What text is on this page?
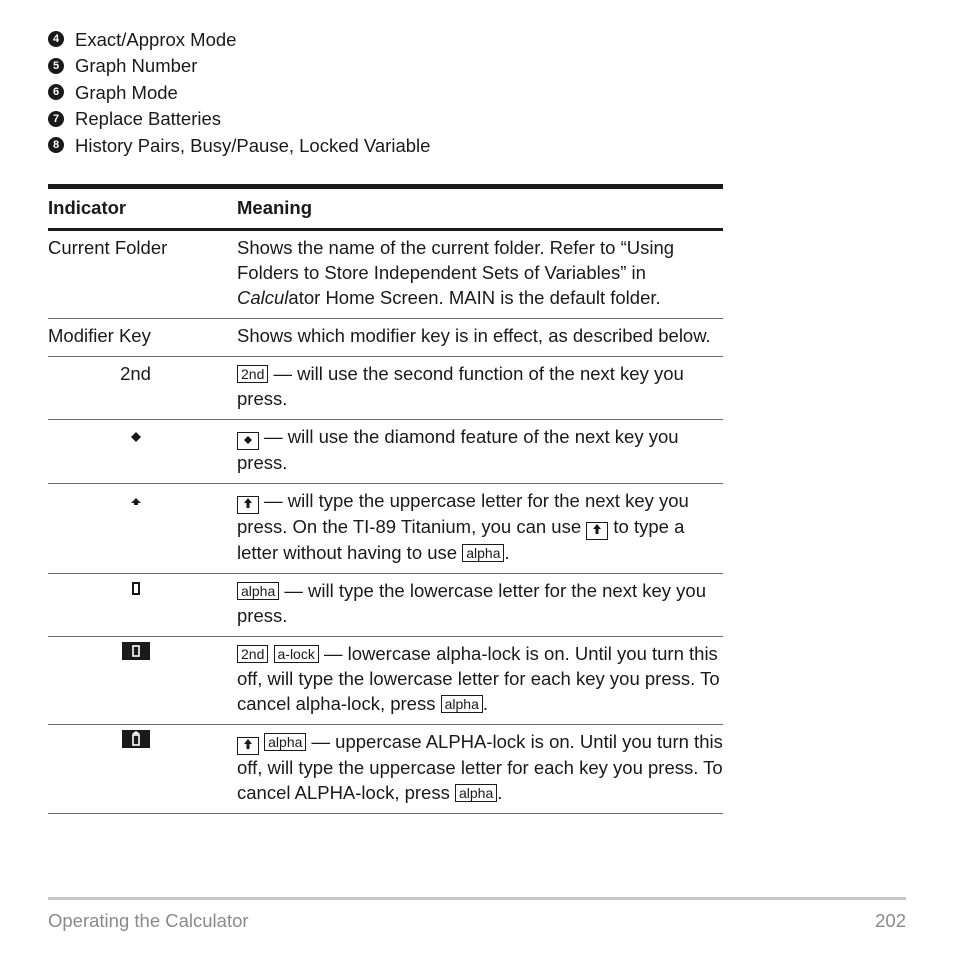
4 Exact/Approx Mode
5 Graph Number
6 Graph Mode
7 Replace Batteries
8 History Pairs, Busy/Pause, Locked Variable
Indicator	Meaning
Current Folder	Shows the name of the current folder. Refer to “Using Folders to Store Independent Sets of Variables” in Calculator Home Screen. MAIN is the default folder.
Modifier Key	Shows which modifier key is in effect, as described below.
2nd	2nd — will use the second function of the next key you press.
	— will use the diamond feature of the next key you press.
	— will type the uppercase letter for the next key you press. On the TI-89 Titanium, you can use  to type a letter without having to use alpha .
	alpha — will type the lowercase letter for the next key you press.
	2nd a-lock — lowercase alpha-lock is on. Until you turn this off, will type the lowercase letter for each key you press. To cancel alpha-lock, press alpha .
	alpha — uppercase ALPHA-lock is on. Until you turn this off, will type the uppercase letter for each key you press. To cancel ALPHA-lock, press alpha .
Operating the Calculator	202
